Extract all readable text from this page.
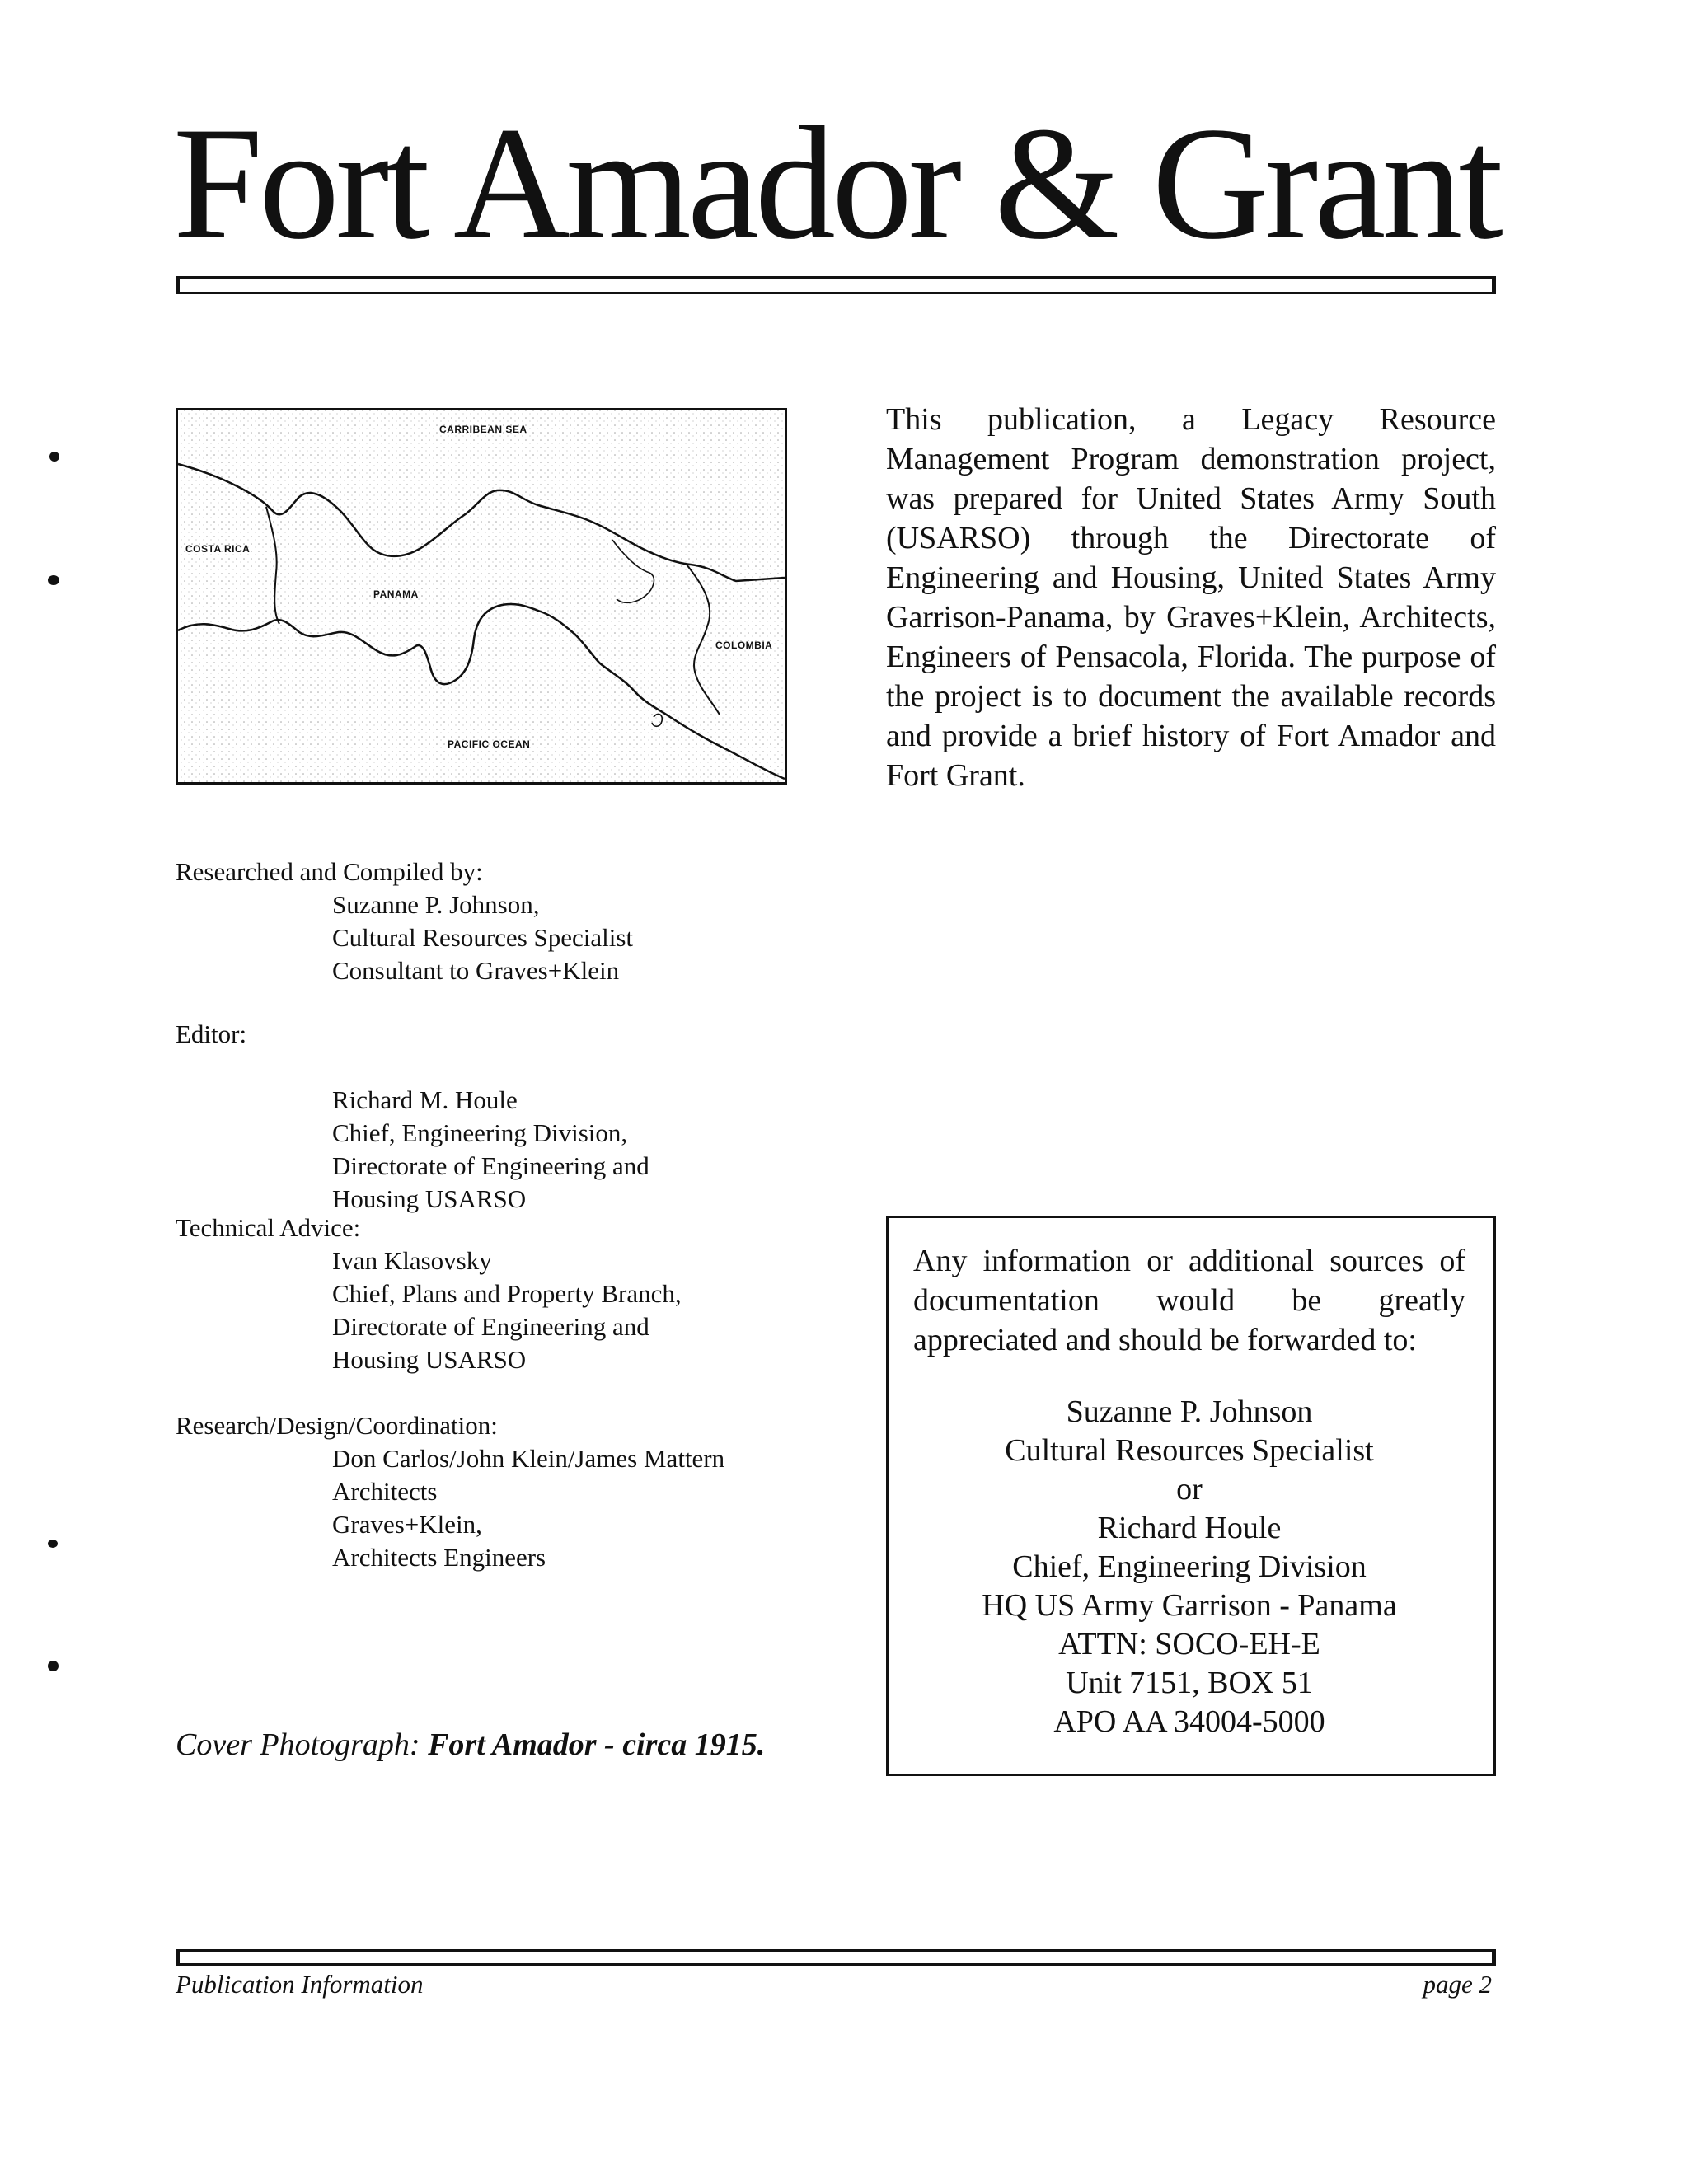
Fort Amador & Grant
CARRIBEAN SEA
COSTA RICA
PANAMA
COLOMBIA
PACIFIC OCEAN

This publication, a Legacy Resource Management Program demonstration project, was prepared for United States Army South (USARSO) through the Directorate of Engineering and Housing, United States Army Garrison-Panama, by Graves+Klein, Architects, Engineers of Pensacola, Florida. The purpose of the project is to document the available records and provide a brief history of Fort Amador and Fort Grant.

Researched and Compiled by:

Suzanne P. Johnson,

Cultural Resources Specialist

Consultant to Graves+Klein

Editor:

Richard M. Houle

Chief, Engineering Division,

Directorate of Engineering and

Housing USARSO

Technical Advice:

Ivan Klasovsky

Chief, Plans and Property Branch,

Directorate of Engineering and

Housing USARSO

Research/Design/Coordination:

Don Carlos/John Klein/James Mattern

Architects

Graves+Klein,

Architects Engineers

Cover Photograph: Fort Amador - circa 1915.

Any information or additional sources of documentation would be greatly appreciated and should be forwarded to:

Suzanne P. Johnson
Cultural Resources Specialist
or
Richard Houle
Chief, Engineering Division
HQ US Army Garrison - Panama
ATTN: SOCO-EH-E
Unit 7151, BOX 51
APO AA 34004-5000

Publication Information	page 2
